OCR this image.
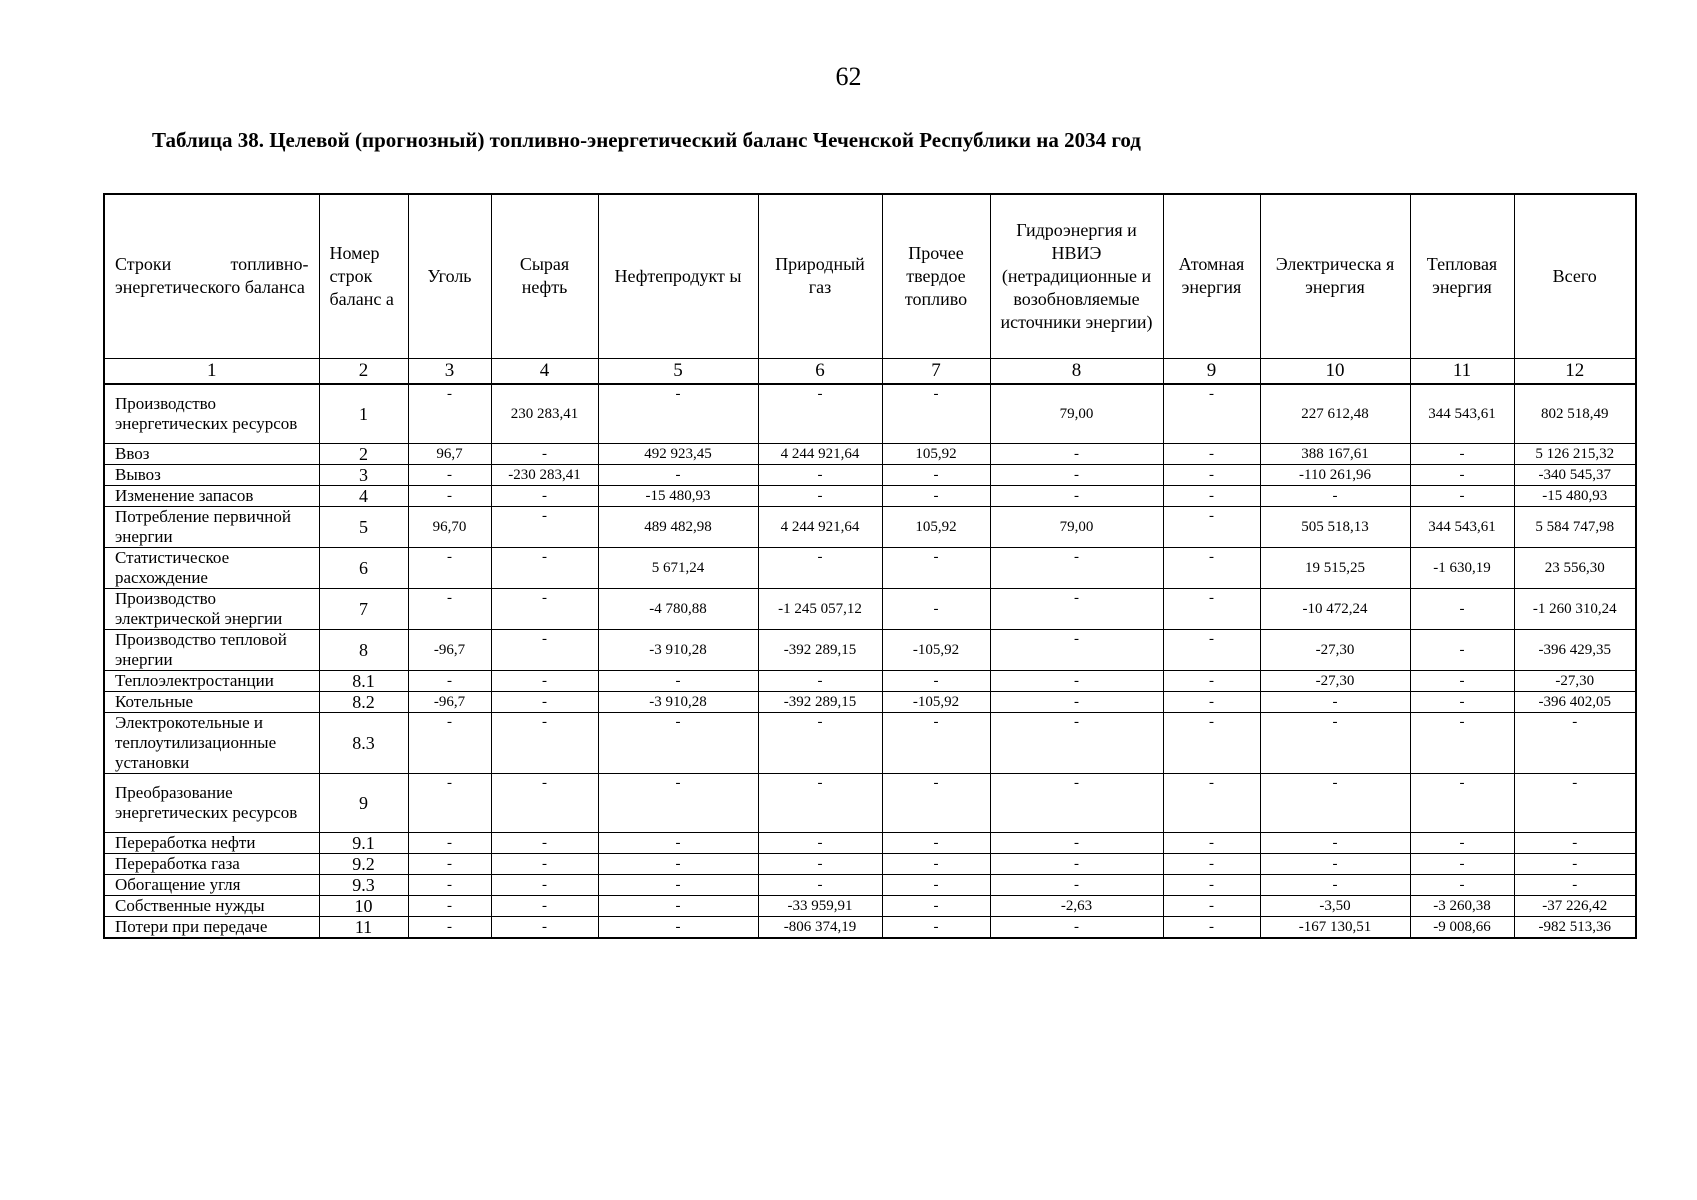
62
Таблица 38. Целевой (прогнозный) топливно-энергетический баланс Чеченской Республики на 2034 год
Строки топливно-энергетического баланса	Номер строк баланс а	Уголь	Сырая нефть	Нефтепродукт ы	Природный газ	Прочее твердое топливо	Гидроэнергия и НВИЭ (нетрадиционные и возобновляемые источники энергии)	Атомная энергия	Электрическа я энергия	Тепловая энергия	Всего
1	2	3	4	5	6	7	8	9	10	11	12
Производство энергетических ресурсов	1	-	230 283,41	-	-	-	79,00	-	227 612,48	344 543,61	802 518,49
Ввоз	2	96,7	-	492 923,45	4 244 921,64	105,92	-	-	388 167,61	-	5 126 215,32
Вывоз	3	-	-230 283,41	-	-	-	-	-	-110 261,96	-	-340 545,37
Изменение запасов	4	-	-	-15 480,93	-	-	-	-	-	-	-15 480,93
Потребление первичной энергии	5	96,70	-	489 482,98	4 244 921,64	105,92	79,00	-	505 518,13	344 543,61	5 584 747,98
Статистическое расхождение	6	-	-	5 671,24	-	-	-	-	19 515,25	-1 630,19	23 556,30
Производство электрической энергии	7	-	-	-4 780,88	-1 245 057,12	-	-	-	-10 472,24	-	-1 260 310,24
Производство тепловой энергии	8	-96,7	-	-3 910,28	-392 289,15	-105,92	-	-	-27,30	-	-396 429,35
Теплоэлектростанции	8.1	-	-	-	-	-	-	-	-27,30	-	-27,30
Котельные	8.2	-96,7	-	-3 910,28	-392 289,15	-105,92	-	-	-	-	-396 402,05
Электрокотельные и теплоутилизационные установки	8.3	-	-	-	-	-	-	-	-	-	-
Преобразование энергетических ресурсов	9	-	-	-	-	-	-	-	-	-	-
Переработка нефти	9.1	-	-	-	-	-	-	-	-	-	-
Переработка газа	9.2	-	-	-	-	-	-	-	-	-	-
Обогащение угля	9.3	-	-	-	-	-	-	-	-	-	-
Собственные нужды	10	-	-	-	-33 959,91	-	-2,63	-	-3,50	-3 260,38	-37 226,42
Потери при передаче	11	-	-	-	-806 374,19	-	-	-	-167 130,51	-9 008,66	-982 513,36
